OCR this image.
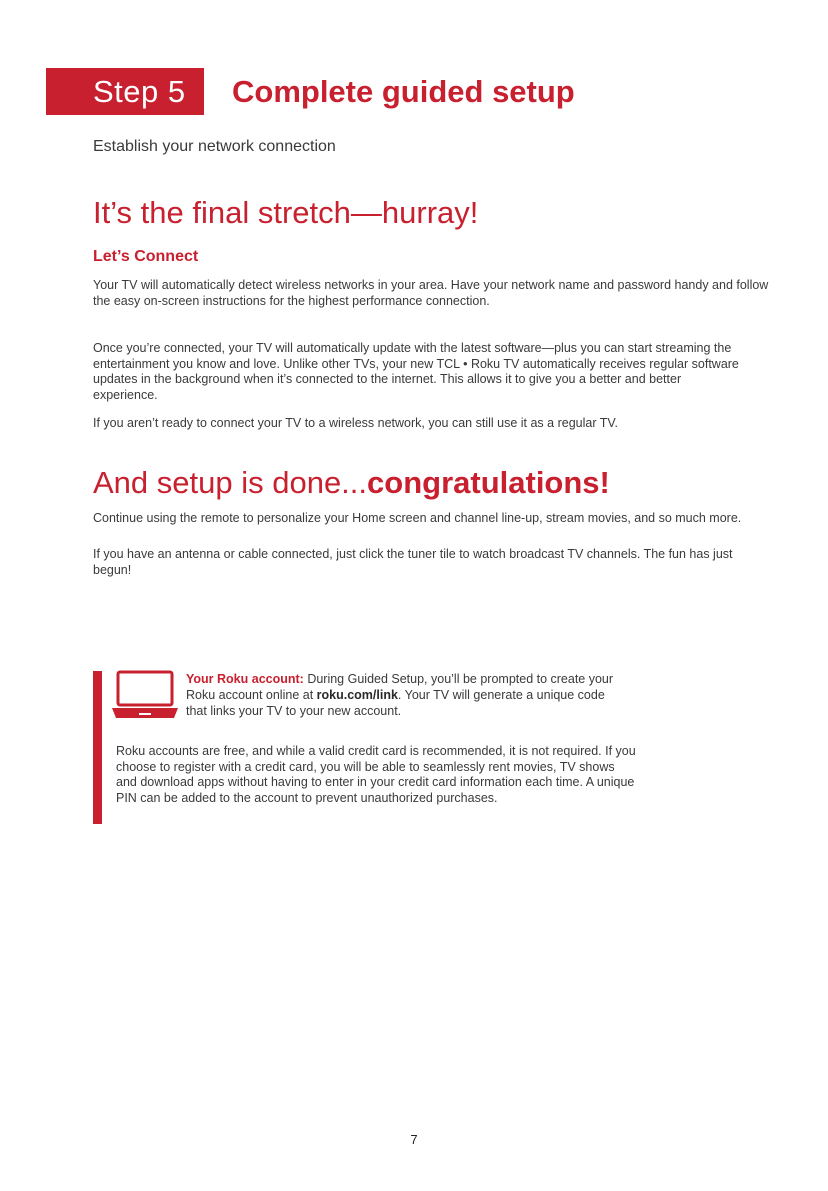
Step 5	Complete guided setup
Establish your network connection
It’s the final stretch—hurray!
Let’s Connect

Your TV will automatically detect wireless networks in your area. Have your network name and password handy and follow the easy on-screen instructions for the highest performance connection.

Once you’re connected, your TV will automatically update with the latest software—plus you can start streaming the entertainment you know and love. Unlike other TVs, your new TCL • Roku TV automatically receives regular software updates in the background when it’s connected to the internet. This allows it to give you a better and better experience.

If you aren’t ready to connect your TV to a wireless network, you can still use it as a regular TV.

And setup is done...congratulations!

Continue using the remote to personalize your Home screen and channel line-up, stream movies, and so much more.

If you have an antenna or cable connected, just click the tuner tile to watch broadcast TV channels. The fun has just begun!

Your Roku account: During Guided Setup, you’ll be prompted to create your Roku account online at roku.com/link. Your TV will generate a unique code that links your TV to your new account.

Roku accounts are free, and while a valid credit card is recommended, it is not required. If you choose to register with a credit card, you will be able to seamlessly rent movies, TV shows and download apps without having to enter in your credit card information each time. A unique PIN can be added to the account to prevent unauthorized purchases.

7
